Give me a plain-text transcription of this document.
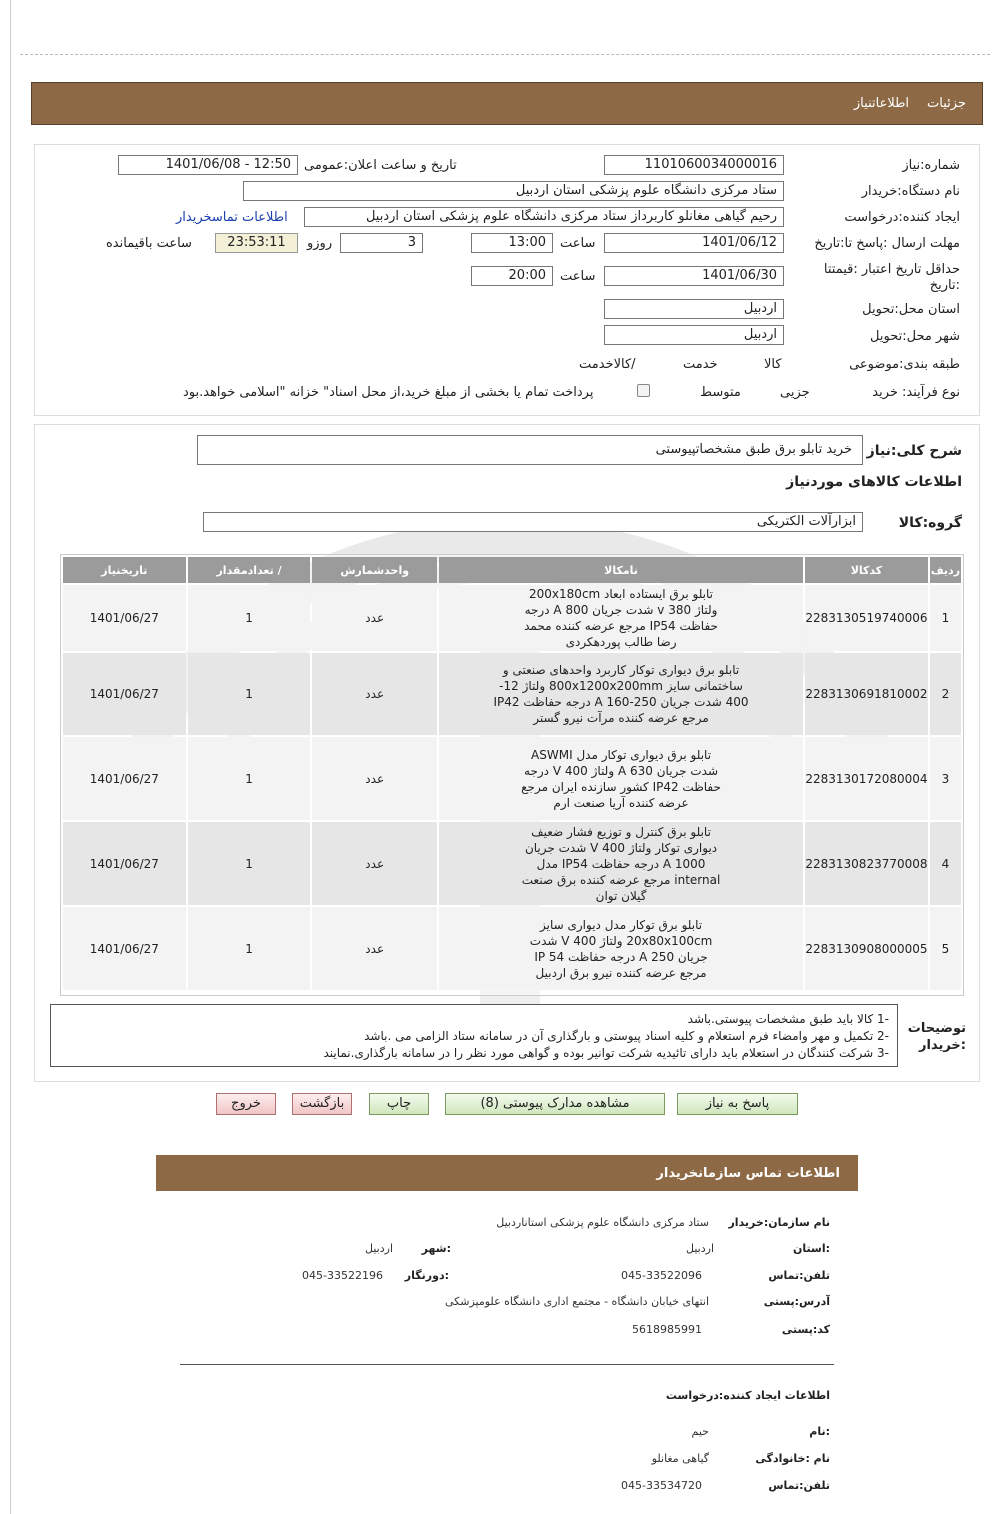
جزئیات
اطلاعاتنیاز
شماره:نیاز
1101060034000016
تاریخ و ساعت اعلان:عمومی
1401/06/08 - 12:50
نام دستگاه:خریدار
ستاد مرکزی دانشگاه علوم پزشکی استان اردبیل
ایجاد کننده:درخواست
رحیم گیاهی مغانلو کاربرداز ستاد مرکزی دانشگاه علوم پزشکی استان اردبیل
اطلاعات تماسخریدار
مهلت ارسال :پاسخ تا:تاریخ
1401/06/12
ساعت
13:00
3
روزو
23:53:11
ساعت باقیمانده
حداقل تاریخ اعتبار :قیمتتا :تاریخ
1401/06/30
ساعت
20:00
استان محل:تحویل
اردبیل
شهر محل:تحویل
اردبیل
طبقه بندی:موضوعی

کالا

خدمت

/کالاخدمت
نوع فرآیند: خرید

جزیی
متوسط
پرداخت تمام یا بخشی از مبلغ خرید،از محل اسناد" خزانه "اسلامی خواهد.بود
شرح کلی:نیاز
خرید تابلو برق طبق مشخصاتپیوستی
اطلاعات کالاهای موردنیاز
گروه:کالا
ابزارآلات الکتریکی
ردیف	کدکالا	نامکالا	واحدشمارش	/ تعدادمقدار	تاریخنیاز
1	2283130519740006	تابلو برق ایستاده ابعاد 200x180cm ولتاژ 380 v شدت جریان 800 A درجه حفاظت IP54 مرجع عرضه کننده محمد رضا طالب پوردهکردی	عدد	1	1401/06/27
2	2283130691810002	تابلو برق دیواری توکار کاربرد واحدهای صنعتی و ساختمانی سایز 800x1200x200mm ولتاژ 12-400 شدت جریان 250-160 A درجه حفاظت IP42 مرجع عرضه کننده مرآت نیرو گستر	عدد	1	1401/06/27
3	2283130172080004	تابلو برق دیواری توکار مدل ASWMI شدت جریان 630 A ولتاژ 400 V درجه حفاظت IP42 کشور سازنده ایران مرجع عرضه کننده آریا صنعت ارم	عدد	1	1401/06/27
4	2283130823770008	تابلو برق کنترل و توزیع فشار ضعیف دیواری توکار ولتاژ 400 V شدت جریان 1000 A درجه حفاظت IP54 مدل internal مرجع عرضه کننده برق صنعت گیلان توان	عدد	1	1401/06/27
5	2283130908000005	تابلو برق توکار مدل دیواری سایز 20x80x100cm ولتاژ 400 V شدت جریان 250 A درجه حفاظت 54 IP مرجع عرضه کننده نیرو برق اردبیل	عدد	1	1401/06/27
توضیحات :خریدار
-1 کالا باید طبق مشخصات پیوستی.باشد
-2 تکمیل و مهر وامضاء فرم استعلام و کلیه اسناد پیوستی و بارگذاری آن در سامانه ستاد الزامی می .باشد
-3 شرکت کنندگان در استعلام باید دارای تائیدیه شرکت توانیر بوده و گواهی مورد نظر را در سامانه بارگذاری.نمایند
پاسخ به نیاز
مشاهده مدارک پیوستی (8)
چاپ
بازگشت
خروج
اطلاعات تماس سازمانخریدار
نام سازمان:خریدار
ستاد مرکزی دانشگاه علوم پزشکی استاناردبیل
:استان
اردبیل
:شهر
اردبیل
تلفن:تماس
045-33522096
:دورنگار
045-33522196
آدرس:پستی
انتهای خیابان دانشگاه - مجتمع اداری دانشگاه علومپزشکی
کد:پستی
5618985991
اطلاعات ایجاد کننده:درخواست
:نام
حیم
نام :خانوادگی
گیاهی مغانلو
تلفن:تماس
045-33534720
